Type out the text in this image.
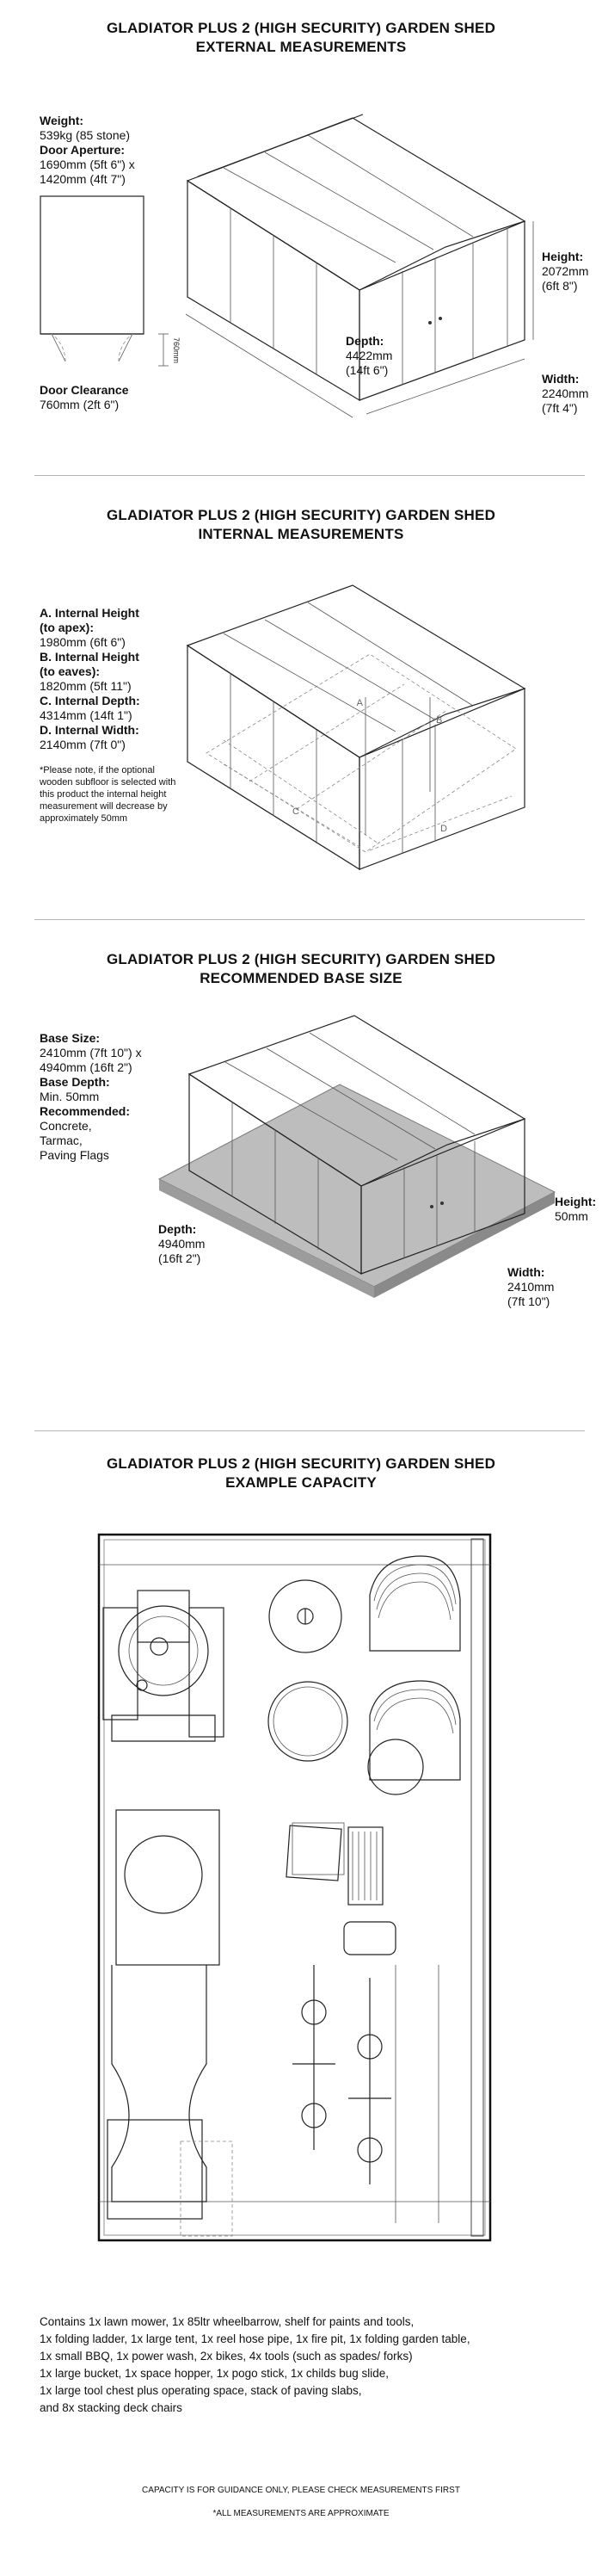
GLADIATOR PLUS 2 (HIGH SECURITY) GARDEN SHED
EXTERNAL MEASUREMENTS
Weight:
539kg (85 stone)
Door Aperture:
1690mm (5ft 6") x
1420mm (4ft 7")
760mm
Door Clearance
760mm (2ft 6")
Depth:
4422mm
(14ft 6")
Height:
2072mm
(6ft 8")
Width:
2240mm
(7ft 4")
GLADIATOR PLUS 2 (HIGH SECURITY) GARDEN SHED
INTERNAL MEASUREMENTS
A. Internal Height
(to apex):
1980mm (6ft 6")
B. Internal Height
(to eaves):
1820mm (5ft 11")
C. Internal Depth:
4314mm (14ft 1")
D. Internal Width:
2140mm (7ft 0")
*Please note, if the optional wooden subfloor is selected with this product the internal height measurement will decrease by approximately 50mm
A
B
C
D
GLADIATOR PLUS 2 (HIGH SECURITY) GARDEN SHED
RECOMMENDED BASE SIZE
Base Size:
2410mm (7ft 10") x
4940mm (16ft 2")
Base Depth:
Min. 50mm
Recommended:
Concrete,
Tarmac,
Paving Flags
Depth:
4940mm
(16ft 2")
Height:
50mm
Width:
2410mm
(7ft 10")
GLADIATOR PLUS 2 (HIGH SECURITY) GARDEN SHED
EXAMPLE CAPACITY
Contains 1x lawn mower, 1x 85ltr wheelbarrow, shelf for paints and tools,
1x folding ladder, 1x large tent, 1x reel hose pipe, 1x fire pit, 1x folding garden table,
1x small BBQ, 1x power wash, 2x bikes, 4x tools (such as spades/ forks)
1x large bucket, 1x space hopper, 1x pogo stick, 1x childs bug slide,
1x large tool chest plus operating space, stack of paving slabs,
and 8x stacking deck chairs
CAPACITY IS FOR GUIDANCE ONLY, PLEASE CHECK MEASUREMENTS FIRST
*ALL MEASUREMENTS ARE APPROXIMATE
